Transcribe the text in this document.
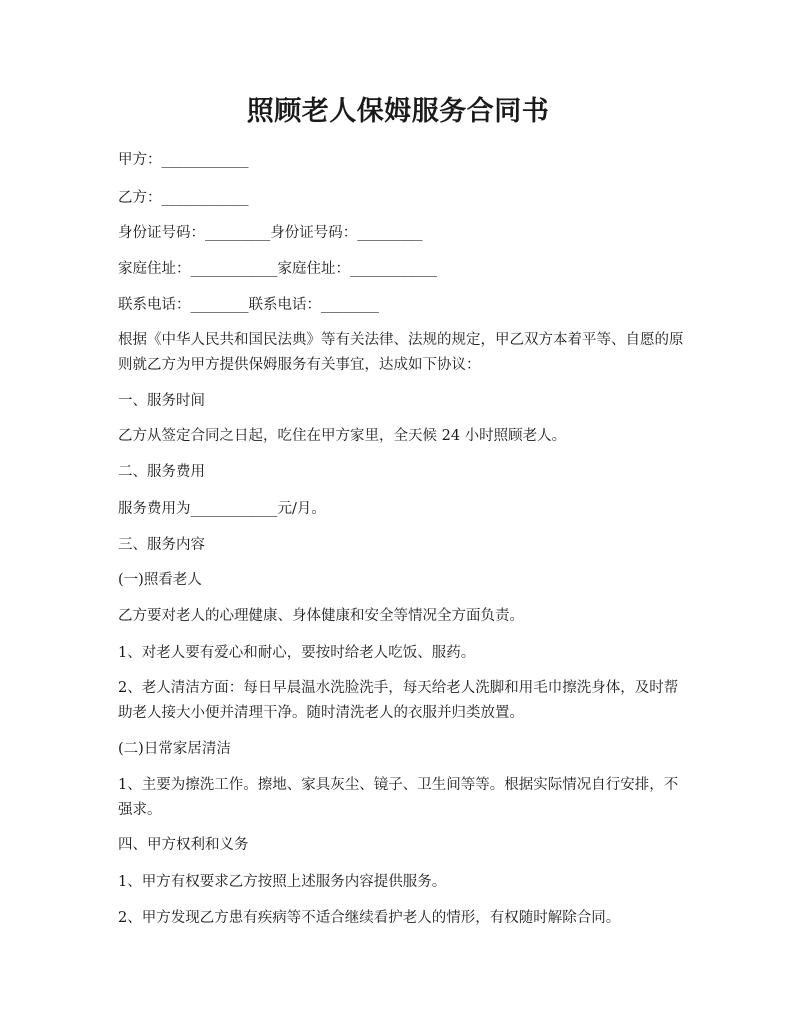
照顾老人保姆服务合同书

甲方：____________

乙方：____________

身份证号码：_________身份证号码：_________

家庭住址：____________家庭住址：____________

联系电话：________联系电话：________

根据《中华人民共和国民法典》等有关法律、法规的规定，甲乙双方本着平等、自愿的原则就乙方为甲方提供保姆服务有关事宜，达成如下协议：

一、服务时间

乙方从签定合同之日起，吃住在甲方家里，全天候 24 小时照顾老人。

二、服务费用

服务费用为____________元/月。

三、服务内容

(一)照看老人

乙方要对老人的心理健康、身体健康和安全等情况全方面负责。

1、对老人要有爱心和耐心，要按时给老人吃饭、服药。

2、老人清洁方面：每日早晨温水洗脸洗手，每天给老人洗脚和用毛巾擦洗身体，及时帮助老人接大小便并清理干净。随时清洗老人的衣服并归类放置。

(二)日常家居清洁

1、主要为擦洗工作。擦地、家具灰尘、镜子、卫生间等等。根据实际情况自行安排，不强求。

四、甲方权利和义务

1、甲方有权要求乙方按照上述服务内容提供服务。

2、甲方发现乙方患有疾病等不适合继续看护老人的情形，有权随时解除合同。
